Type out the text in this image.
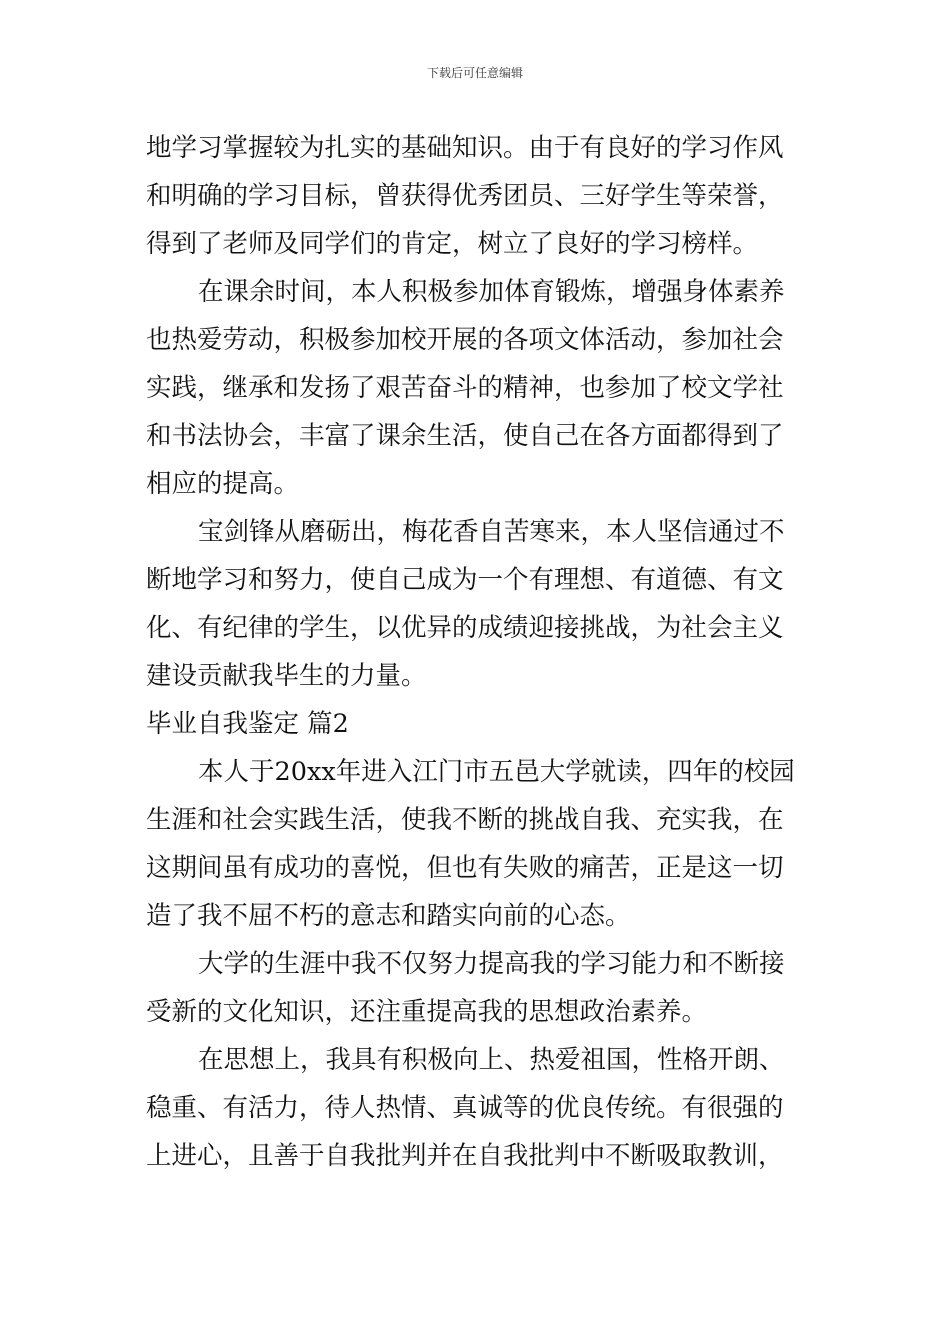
下载后可任意编辑
地学习掌握较为扎实的基础知识。由于有良好的学习作风
和明确的学习目标，曾获得优秀团员、三好学生等荣誉，
得到了老师及同学们的肯定，树立了良好的学习榜样。
在课余时间，本人积极参加体育锻炼，增强身体素养
也热爱劳动，积极参加校开展的各项文体活动，参加社会
实践，继承和发扬了艰苦奋斗的精神，也参加了校文学社
和书法协会，丰富了课余生活，使自己在各方面都得到了
相应的提高。
宝剑锋从磨砺出，梅花香自苦寒来，本人坚信通过不
断地学习和努力，使自己成为一个有理想、有道德、有文
化、有纪律的学生，以优异的成绩迎接挑战，为社会主义
建设贡献我毕生的力量。
毕业自我鉴定 篇2
本人于20xx年进入江门市五邑大学就读，四年的校园
生涯和社会实践生活，使我不断的挑战自我、充实我，在
这期间虽有成功的喜悦，但也有失败的痛苦，正是这一切
造了我不屈不朽的意志和踏实向前的心态。
大学的生涯中我不仅努力提高我的学习能力和不断接
受新的文化知识，还注重提高我的思想政治素养。
在思想上，我具有积极向上、热爱祖国，性格开朗、
稳重、有活力，待人热情、真诚等的优良传统。有很强的
上进心，且善于自我批判并在自我批判中不断吸取教训，
